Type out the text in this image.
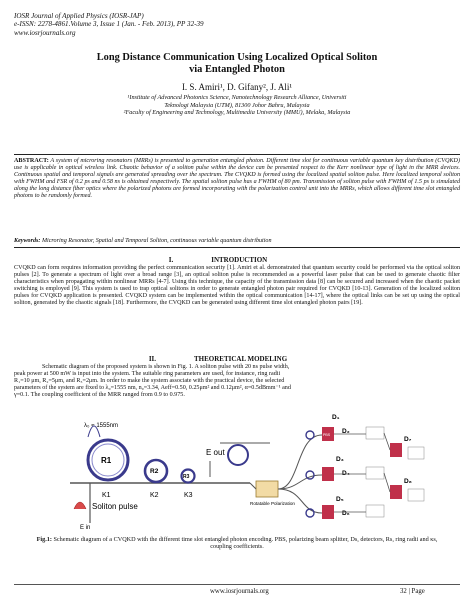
IOSR Journal of Applied Physics (IOSR-JAP)
e-ISSN: 2278-4861.Volume 3, Issue 1 (Jan. - Feb. 2013), PP 32-39
www.iosrjournals.org
Long Distance Communication Using Localized Optical Soliton
via Entangled Photon
I. S. Amiri¹, D. Gifany², J. Ali¹
¹Institute of Advanced Photonics Science, Nanotechnology Research Alliance, Universiti
Teknologi Malaysia (UTM), 81300 Johor Bahru, Malaysia
²Faculty of Engineering and Technology, Multimedia University (MMU), Melaka, Malaysia
ABSTRACT: A system of microring resonators (MRRs) is presented to generation entangled photon. Different time slot for continuous variable quantum key distribution (CVQKD) use is applicable in optical wireless link. Chaotic behavior of a soliton pulse within the device can be presented respect to the Kerr nonlinear type of light in the MRR devices. Continuous spatial and temporal signals are generated spreading over the spectrum. The CVQKD is formed using the localized spatial soliton pulse. Here localized temporal soliton with FWHM and FSR of 0.2 ps and 0.58 ns is obtained respectively. The spatial soliton pulse has a FWHM of 80 pm. Transmission of soliton pulse with FWHM of 1.5 ps is simulated along the long distance fiber optics where the polarized photons are formed incorporating with the polarization control unit into the MRRs, which allows different time slot entangled photons to be randomly formed.
Keywords: Microring Resonator, Spatial and Temporal Soliton, continuous variable quantum distribution
I.	INTRODUCTION
CVQKD can form requires information providing the perfect communication security [1]. Amiri et al. demonstrated that quantum security could be performed via the optical soliton pulses [2]. To generate a spectrum of light over a broad range [3], an optical soliton pulse is recommended as a powerful laser pulse that can be used to generate chaotic filter characteristics when propagating within nonlinear MRRs [4-7]. Using this technique, the capacity of the transmission data [8] can be secured and increased when the chaotic packet switching is employed [9]. This system is used to trap optical solitons in order to generate entangled photon pair required for CVQKD [10-13]. Generation of the localized soliton pulses for CVQKD application is presented. CVQKD system can be implemented within the optical communication [14-17], where the optical links can be set up using the optical soliton, generated by the chaotic signals [18]. Furthermore, the CVQKD can be generated using different time slot entangled photon pairs [19].
II.	THEORETICAL MODELING
Schematic diagram of the proposed system is shown in Fig. 1. A soliton pulse with 20 ns pulse width,
peak power at 500 mW is input into the system. The suitable ring parameters are used, for instance, ring radii
R₁=10 μm, R₂=5μm, and R₃=2μm. In order to make the system associate with the practical device, the selected
parameters of the system are fixed to λ₀=1555 nm, n₀=3.34, Aeff=0.50, 0.25μm² and 0.12μm², α=0.5dBmm⁻¹ and
γ=0.1. The coupling coefficient of the MRR ranged from 0.9 to 0.975.
R1
R2
R3
K1	K2	K3
λ₀ = 1555nm
Soliton pulse
E in
E out
Rotatable Polarization
PBS
D₁
D₂
D₃
D₄
D₅
D₆
D₇
D₈
Fig.1: Schematic diagram of a CVQKD with the different time slot entangled photon encoding. PBS, polarizing beam splitter, Ds, detectors, Rs, ring radii and κs, coupling coefficients.
www.iosrjournals.org	32 | Page
